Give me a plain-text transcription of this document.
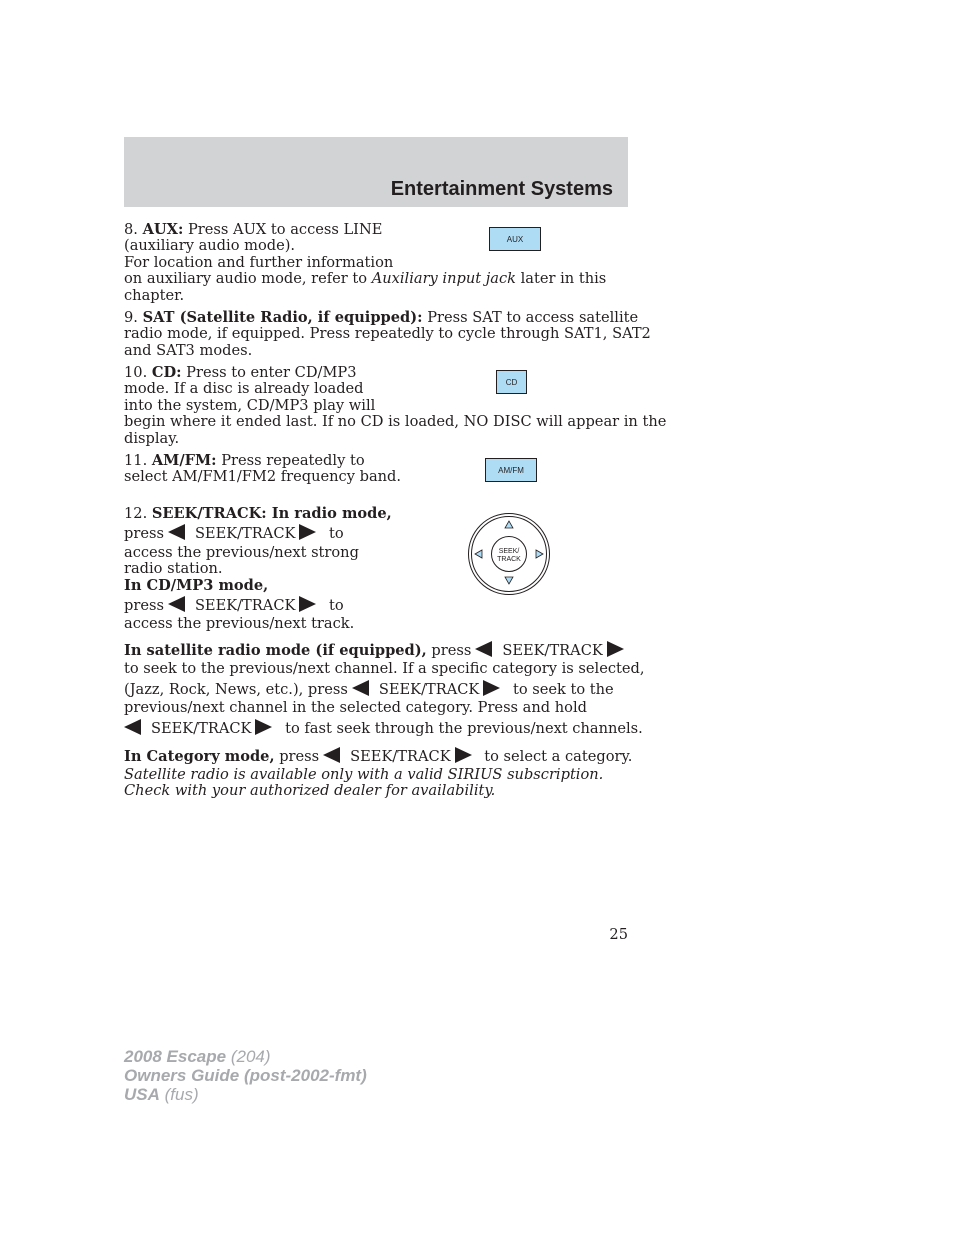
Entertainment Systems
8. AUX: Press AUX to access LINE
(auxiliary audio mode).
For location and further information
on auxiliary audio mode, refer to Auxiliary input jack later in this
chapter.
AUX
9. SAT (Satellite Radio, if equipped): Press SAT to access satellite
radio mode, if equipped. Press repeatedly to cycle through SAT1, SAT2
and SAT3 modes.
10. CD: Press to enter CD/MP3
mode. If a disc is already loaded
into the system, CD/MP3 play will
begin where it ended last. If no CD is loaded, NO DISC will appear in the
display.
CD
11. AM/FM: Press repeatedly to
select AM/FM1/FM2 frequency band.	AM/FM
12. SEEK/TRACK: In radio mode,
press SEEK/TRACK to
access the previous/next strong
radio station.
In CD/MP3 mode,
press SEEK/TRACK to
access the previous/next track.
SEEK/
TRACK
In satellite radio mode (if equipped), press SEEK/TRACK
to seek to the previous/next channel. If a specific category is selected,
(Jazz, Rock, News, etc.), press SEEK/TRACK to seek to the
previous/next channel in the selected category. Press and hold
SEEK/TRACK to fast seek through the previous/next channels.
In Category mode, press SEEK/TRACK to select a category.
Satellite radio is available only with a valid SIRIUS subscription.
Check with your authorized dealer for availability.
25
2008 Escape (204)
Owners Guide (post-2002-fmt)
USA (fus)
